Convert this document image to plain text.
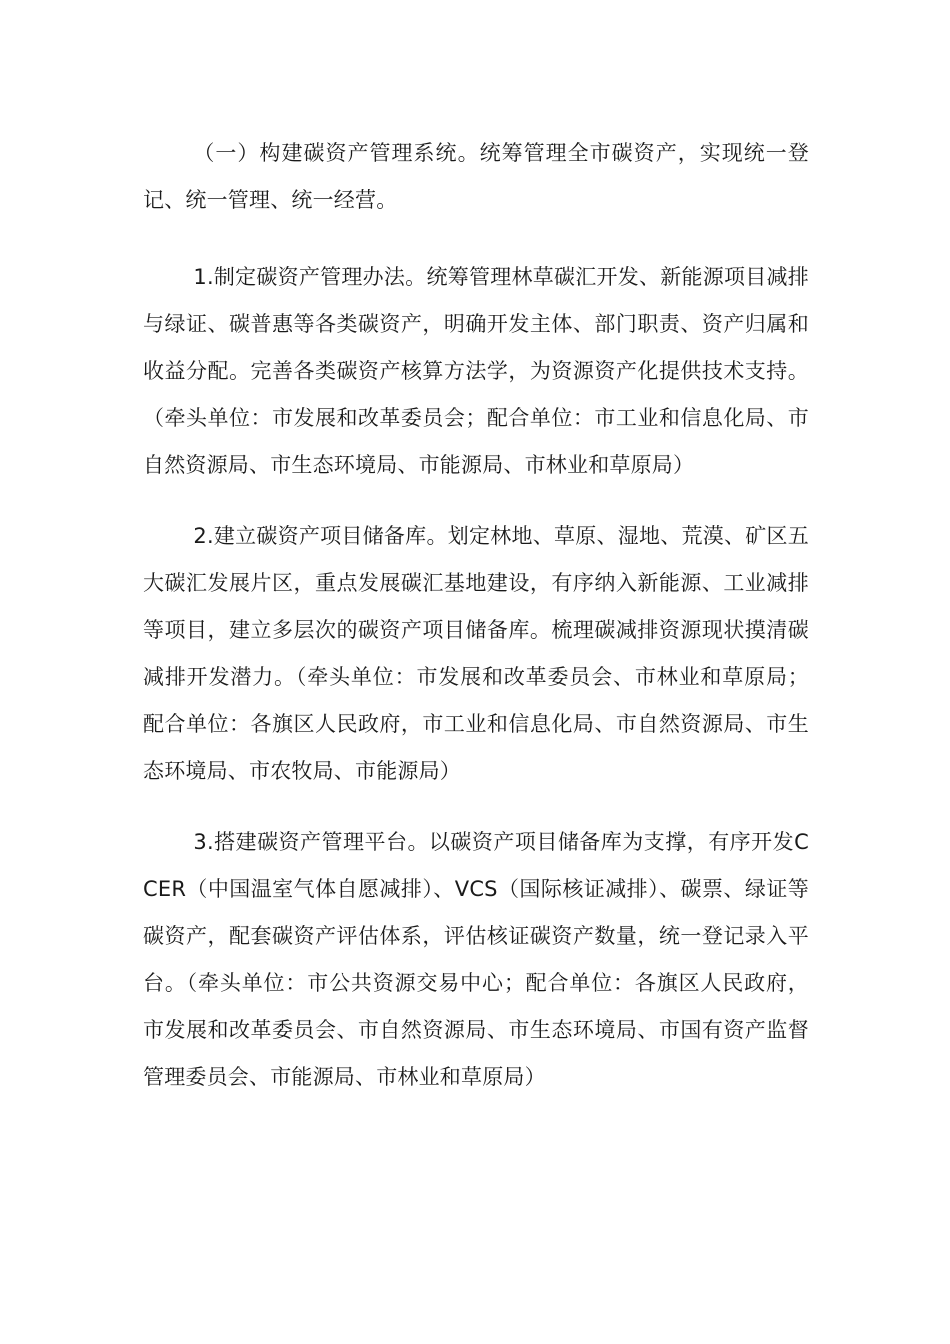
（一）构建碳资产管理系统。统筹管理全市碳资产，实现统一登记、统一管理、统一经营。

1.制定碳资产管理办法。统筹管理林草碳汇开发、新能源项目减排与绿证、碳普惠等各类碳资产，明确开发主体、部门职责、资产归属和收益分配。完善各类碳资产核算方法学，为资源资产化提供技术支持。（牵头单位：市发展和改革委员会；配合单位：市工业和信息化局、市自然资源局、市生态环境局、市能源局、市林业和草原局）

2.建立碳资产项目储备库。划定林地、草原、湿地、荒漠、矿区五大碳汇发展片区，重点发展碳汇基地建设，有序纳入新能源、工业减排等项目，建立多层次的碳资产项目储备库。梳理碳减排资源现状摸清碳减排开发潜力。（牵头单位：市发展和改革委员会、市林业和草原局；配合单位：各旗区人民政府，市工业和信息化局、市自然资源局、市生态环境局、市农牧局、市能源局）

3.搭建碳资产管理平台。以碳资产项目储备库为支撑，有序开发CCER（中国温室气体自愿减排）、VCS（国际核证减排）、碳票、绿证等碳资产，配套碳资产评估体系，评估核证碳资产数量，统一登记录入平台。（牵头单位：市公共资源交易中心；配合单位：各旗区人民政府，市发展和改革委员会、市自然资源局、市生态环境局、市国有资产监督管理委员会、市能源局、市林业和草原局）
